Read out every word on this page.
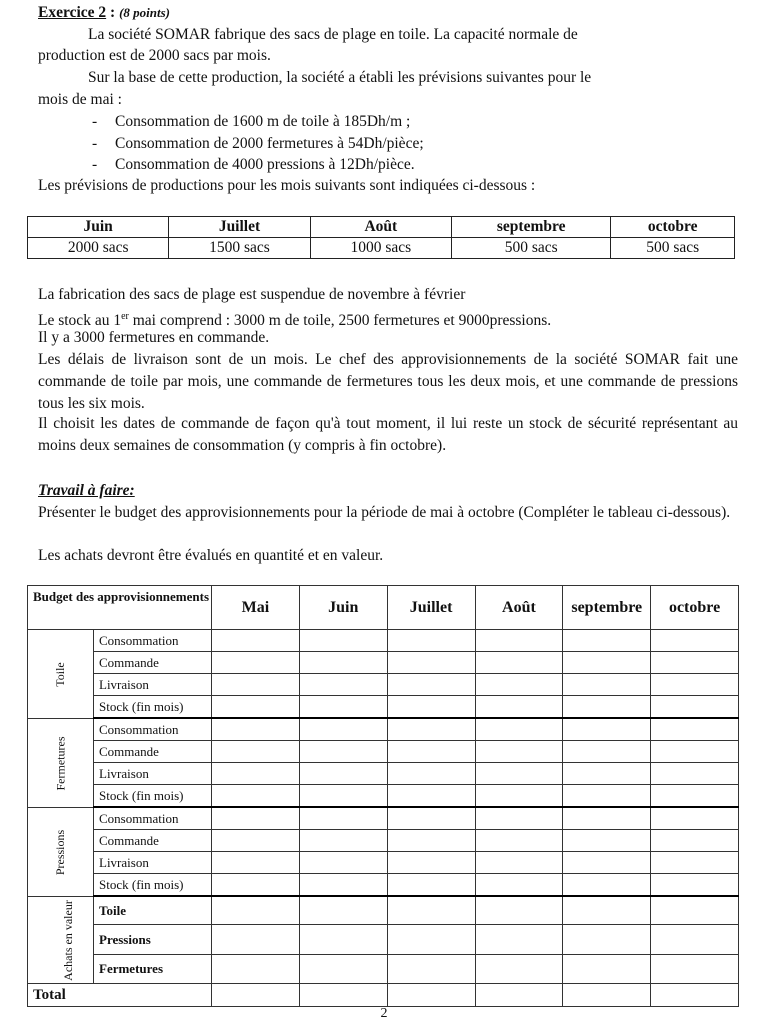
Exercice 2 : (8 points)
La société SOMAR fabrique des sacs de plage en toile. La capacité normale de
production est de 2000 sacs par mois.
Sur la base de cette production, la société a établi les prévisions suivantes pour le
mois de mai :
- Consommation de 1600 m de toile à 185Dh/m ;
- Consommation de 2000 fermetures à 54Dh/pièce;
- Consommation de 4000 pressions à 12Dh/pièce.
Les prévisions de productions pour les mois suivants sont indiquées ci-dessous :
Juin	Juillet	Août	septembre	octobre
2000 sacs	1500 sacs	1000 sacs	500 sacs	500 sacs
La fabrication des sacs de plage est suspendue de novembre à février
Le stock au 1er mai comprend : 3000 m de toile, 2500 fermetures et 9000pressions.
Il y a 3000 fermetures en commande.
Les délais de livraison sont de un mois. Le chef des approvisionnements de la société SOMAR fait une commande de toile par mois, une commande de fermetures tous les deux mois, et une commande de pressions tous les six mois.
Il choisit les dates de commande de façon qu'à tout moment, il lui reste un stock de sécurité représentant au moins deux semaines de consommation (y compris à fin octobre).
Travail à faire:
Présenter le budget des approvisionnements pour la période de mai à octobre (Compléter le tableau ci-dessous).
Les achats devront être évalués en quantité et en valeur.
Budget des approvisionnements		Mai	Juin	Juillet	Août	septembre	octobre
Toile	Consommation						
	Commande						
	Livraison						
	Stock (fin mois)						
Fermetures	Consommation						
	Commande						
	Livraison						
	Stock (fin mois)						
Pressions	Consommation						
	Commande						
	Livraison						
	Stock (fin mois)						
Achats en valeur	Toile						
	Pressions						
	Fermetures						
Total							
2
